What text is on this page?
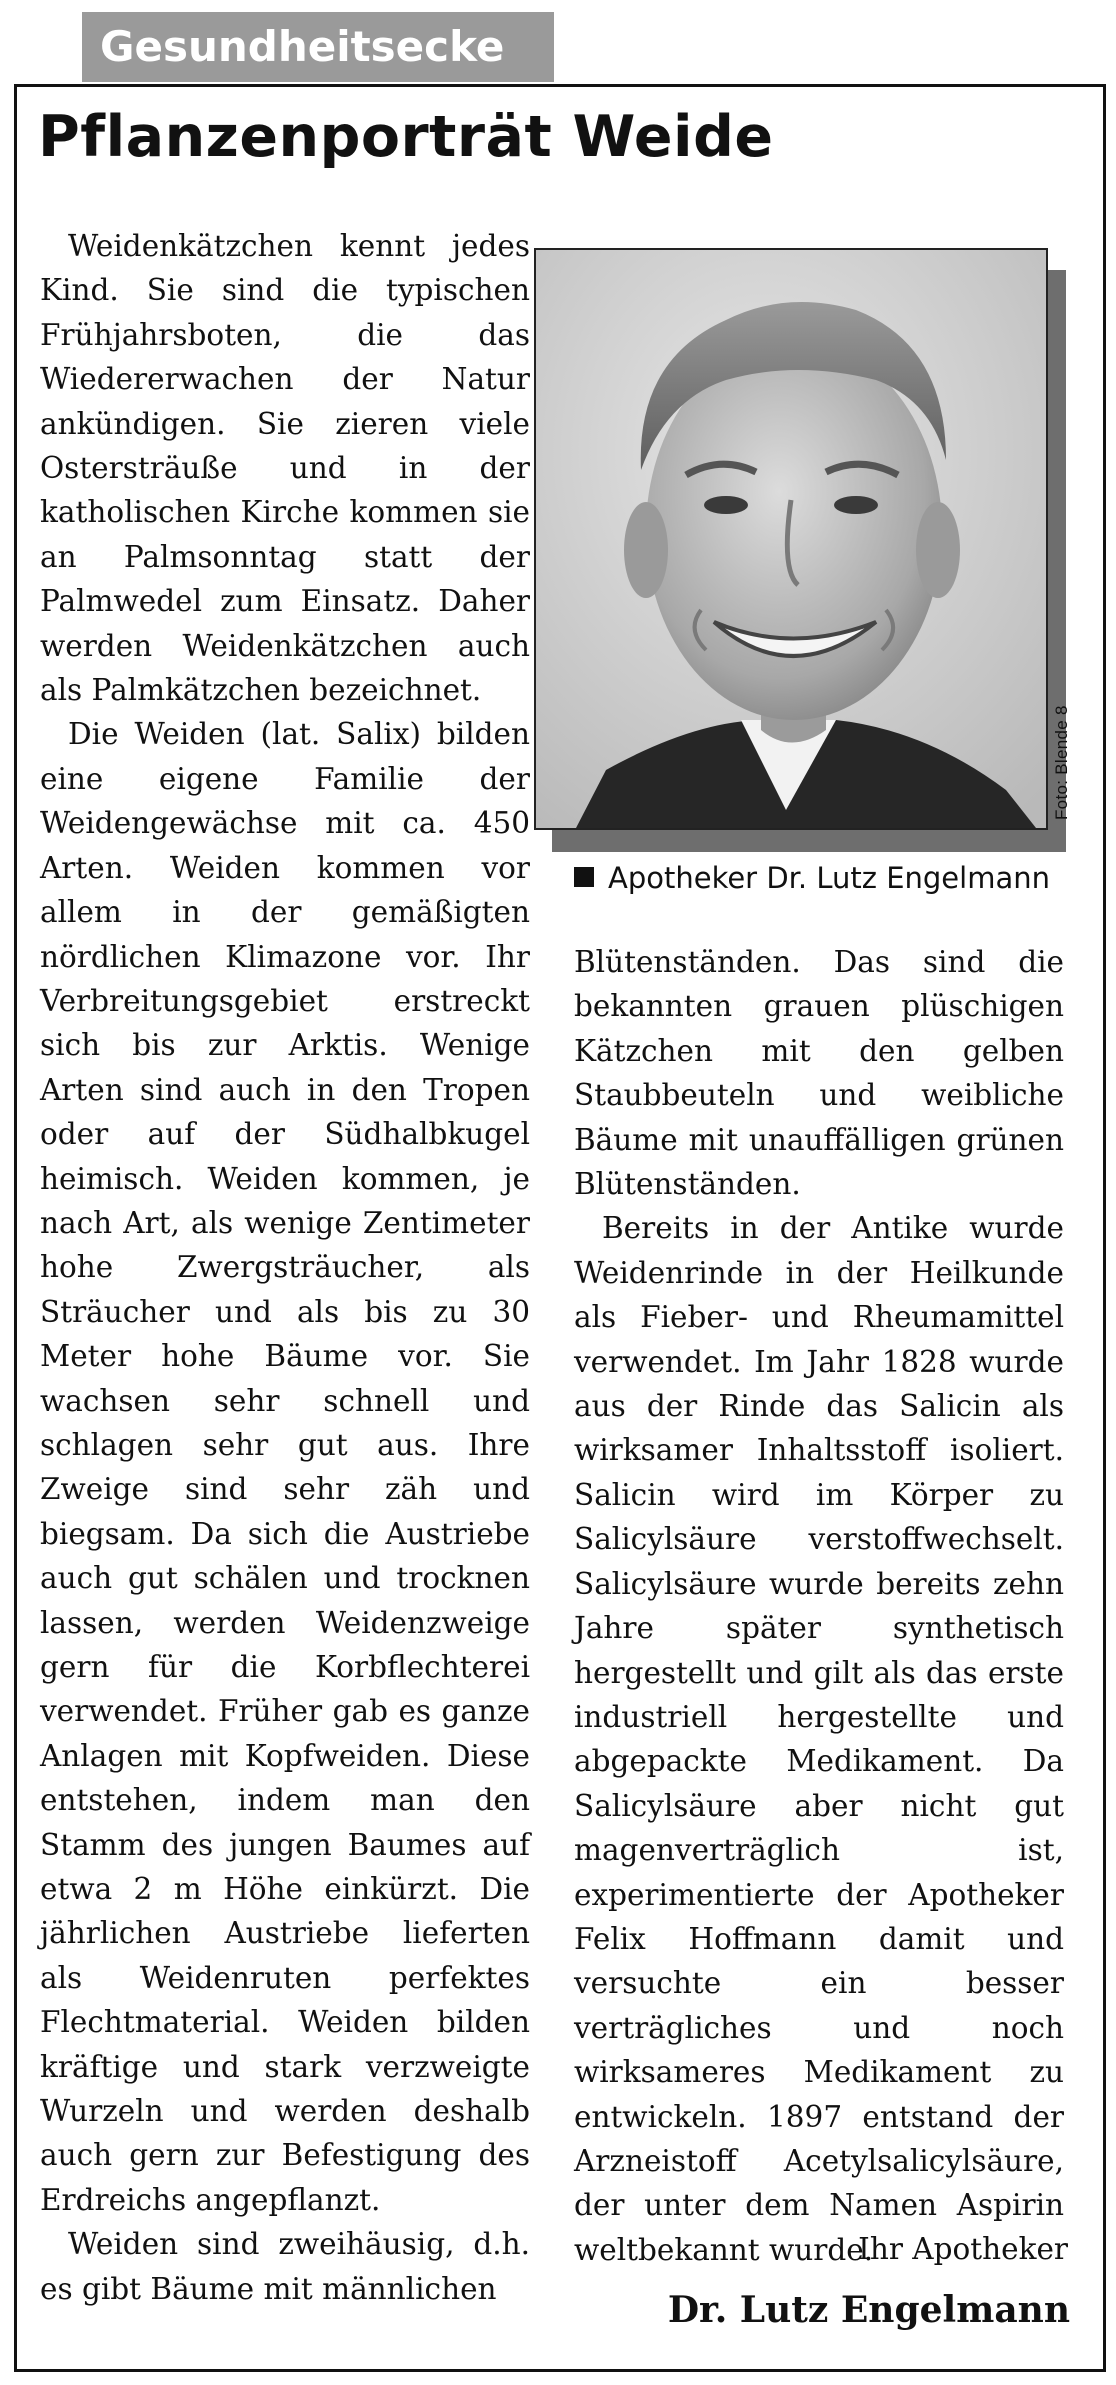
Gesundheitsecke
Pflanzenporträt Weide

Weidenkätzchen kennt jedes Kind. Sie sind die typischen Frühjahrsboten, die das Wiedererwachen der Natur ankündigen. Sie zieren viele Ostersträuße und in der katholischen Kirche kommen sie an Palmsonntag statt der Palmwedel zum Einsatz. Daher werden Weidenkätzchen auch als Palmkätzchen bezeichnet.

Die Weiden (lat. Salix) bilden eine eigene Familie der Weidengewächse mit ca. 450 Arten. Weiden kommen vor allem in der gemäßigten nördlichen Klimazone vor. Ihr Verbreitungsgebiet erstreckt sich bis zur Arktis. Wenige Arten sind auch in den Tropen oder auf der Südhalbkugel heimisch. Weiden kommen, je nach Art, als wenige Zentimeter hohe Zwergsträucher, als Sträucher und als bis zu 30 Meter hohe Bäume vor. Sie wachsen sehr schnell und schlagen sehr gut aus. Ihre Zweige sind sehr zäh und biegsam. Da sich die Austriebe auch gut schälen und trocknen lassen, werden Weidenzweige gern für die Korbflechterei verwendet. Früher gab es ganze Anlagen mit Kopfweiden. Diese entstehen, indem man den Stamm des jungen Baumes auf etwa 2 m Höhe einkürzt. Die jährlichen Austriebe lieferten als Weidenruten perfektes Flechtmaterial. Weiden bilden kräftige und stark verzweigte Wurzeln und werden deshalb auch gern zur Befestigung des Erdreichs angepflanzt.

Weiden sind zweihäusig, d.h. es gibt Bäume mit männlichen

Foto: Blende 8
Apotheker Dr. Lutz Engelmann

Blütenständen. Das sind die bekannten grauen plüschigen Kätzchen mit den gelben Staubbeuteln und weibliche Bäume mit unauffälligen grünen Blütenständen.

Bereits in der Antike wurde Weidenrinde in der Heilkunde als Fieber- und Rheumamittel verwendet. Im Jahr 1828 wurde aus der Rinde das Salicin als wirksamer Inhaltsstoff isoliert. Salicin wird im Körper zu Salicylsäure verstoffwechselt. Salicylsäure wurde bereits zehn Jahre später synthetisch hergestellt und gilt als das erste industriell hergestellte und abgepackte Medikament. Da Salicylsäure aber nicht gut magenverträglich ist, experimentierte der Apotheker Felix Hoffmann damit und versuchte ein besser verträgliches und noch wirksameres Medikament zu entwickeln. 1897 entstand der Arzneistoff Acetylsalicylsäure, der unter dem Namen Aspirin weltbekannt wurde.

Ihr Apotheker
Dr. Lutz Engelmann
